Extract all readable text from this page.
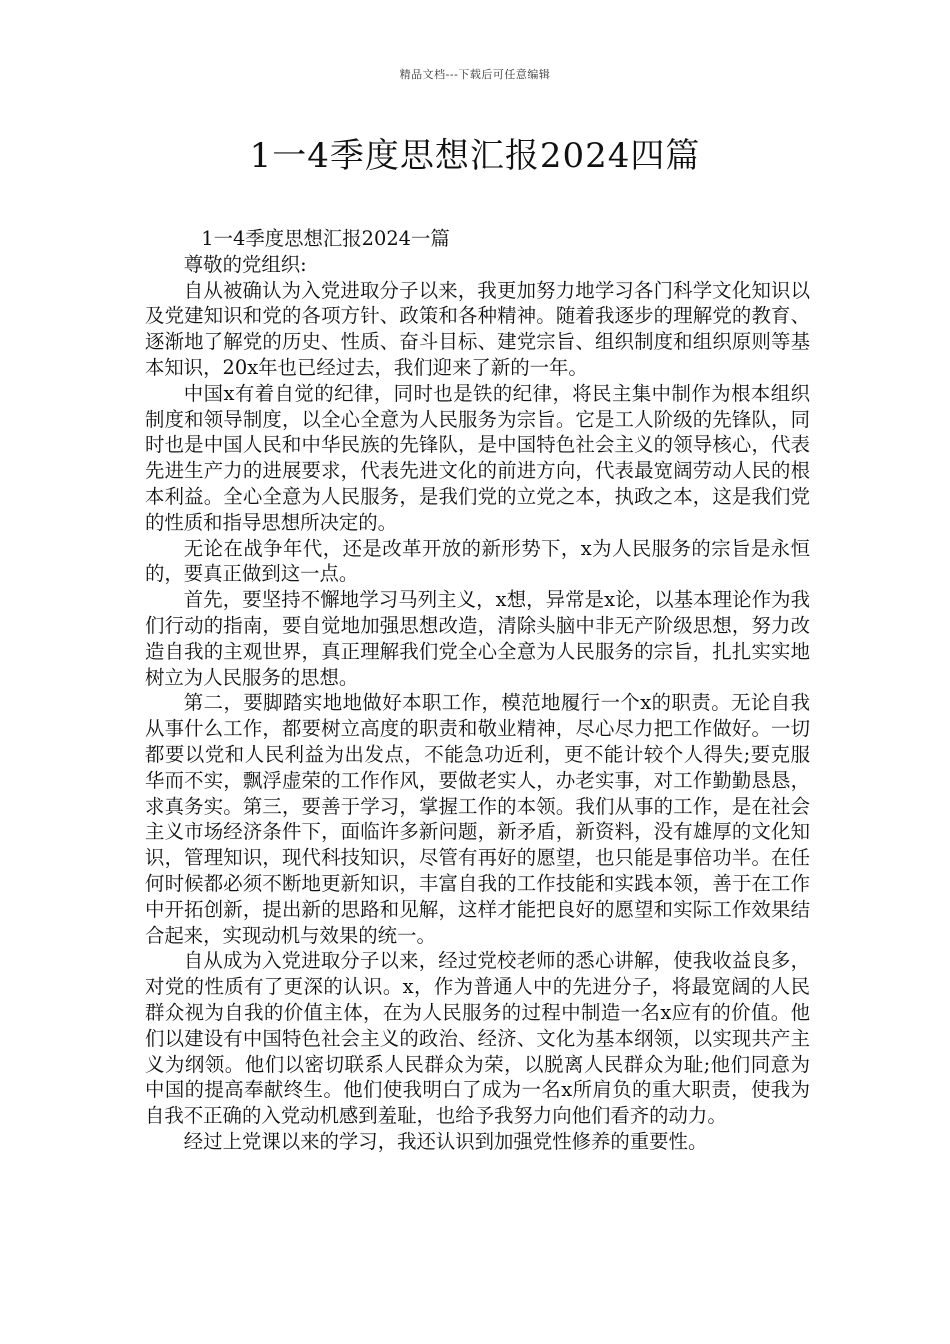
精品文档---下载后可任意编辑
1一4季度思想汇报2024四篇

1一4季度思想汇报2024一篇

尊敬的党组织:

自从被确认为入党进取分子以来，我更加努力地学习各门科学文化知识以及党建知识和党的各项方针、政策和各种精神。随着我逐步的理解党的教育、逐渐地了解党的历史、性质、奋斗目标、建党宗旨、组织制度和组织原则等基本知识，20x年也已经过去，我们迎来了新的一年。

中国x有着自觉的纪律，同时也是铁的纪律，将民主集中制作为根本组织制度和领导制度，以全心全意为人民服务为宗旨。它是工人阶级的先锋队，同时也是中国人民和中华民族的先锋队，是中国特色社会主义的领导核心，代表先进生产力的进展要求，代表先进文化的前进方向，代表最宽阔劳动人民的根本利益。全心全意为人民服务，是我们党的立党之本，执政之本，这是我们党的性质和指导思想所决定的。

无论在战争年代，还是改革开放的新形势下，x为人民服务的宗旨是永恒的，要真正做到这一点。

首先，要坚持不懈地学习马列主义，x想，异常是x论，以基本理论作为我们行动的指南，要自觉地加强思想改造，清除头脑中非无产阶级思想，努力改造自我的主观世界，真正理解我们党全心全意为人民服务的宗旨，扎扎实实地树立为人民服务的思想。

第二，要脚踏实地地做好本职工作，模范地履行一个x的职责。无论自我从事什么工作，都要树立高度的职责和敬业精神，尽心尽力把工作做好。一切都要以党和人民利益为出发点，不能急功近利，更不能计较个人得失;要克服华而不实，飘浮虚荣的工作作风，要做老实人，办老实事，对工作勤勤恳恳，求真务实。第三，要善于学习，掌握工作的本领。我们从事的工作，是在社会主义市场经济条件下，面临许多新问题，新矛盾，新资料，没有雄厚的文化知识，管理知识，现代科技知识，尽管有再好的愿望，也只能是事倍功半。在任何时候都必须不断地更新知识，丰富自我的工作技能和实践本领，善于在工作中开拓创新，提出新的思路和见解，这样才能把良好的愿望和实际工作效果结合起来，实现动机与效果的统一。

自从成为入党进取分子以来，经过党校老师的悉心讲解，使我收益良多，对党的性质有了更深的认识。x，作为普通人中的先进分子，将最宽阔的人民群众视为自我的价值主体，在为人民服务的过程中制造一名x应有的价值。他们以建设有中国特色社会主义的政治、经济、文化为基本纲领，以实现共产主义为纲领。他们以密切联系人民群众为荣，以脱离人民群众为耻;他们同意为中国的提高奉献终生。他们使我明白了成为一名x所肩负的重大职责，使我为自我不正确的入党动机感到羞耻，也给予我努力向他们看齐的动力。

经过上党课以来的学习，我还认识到加强党性修养的重要性。
